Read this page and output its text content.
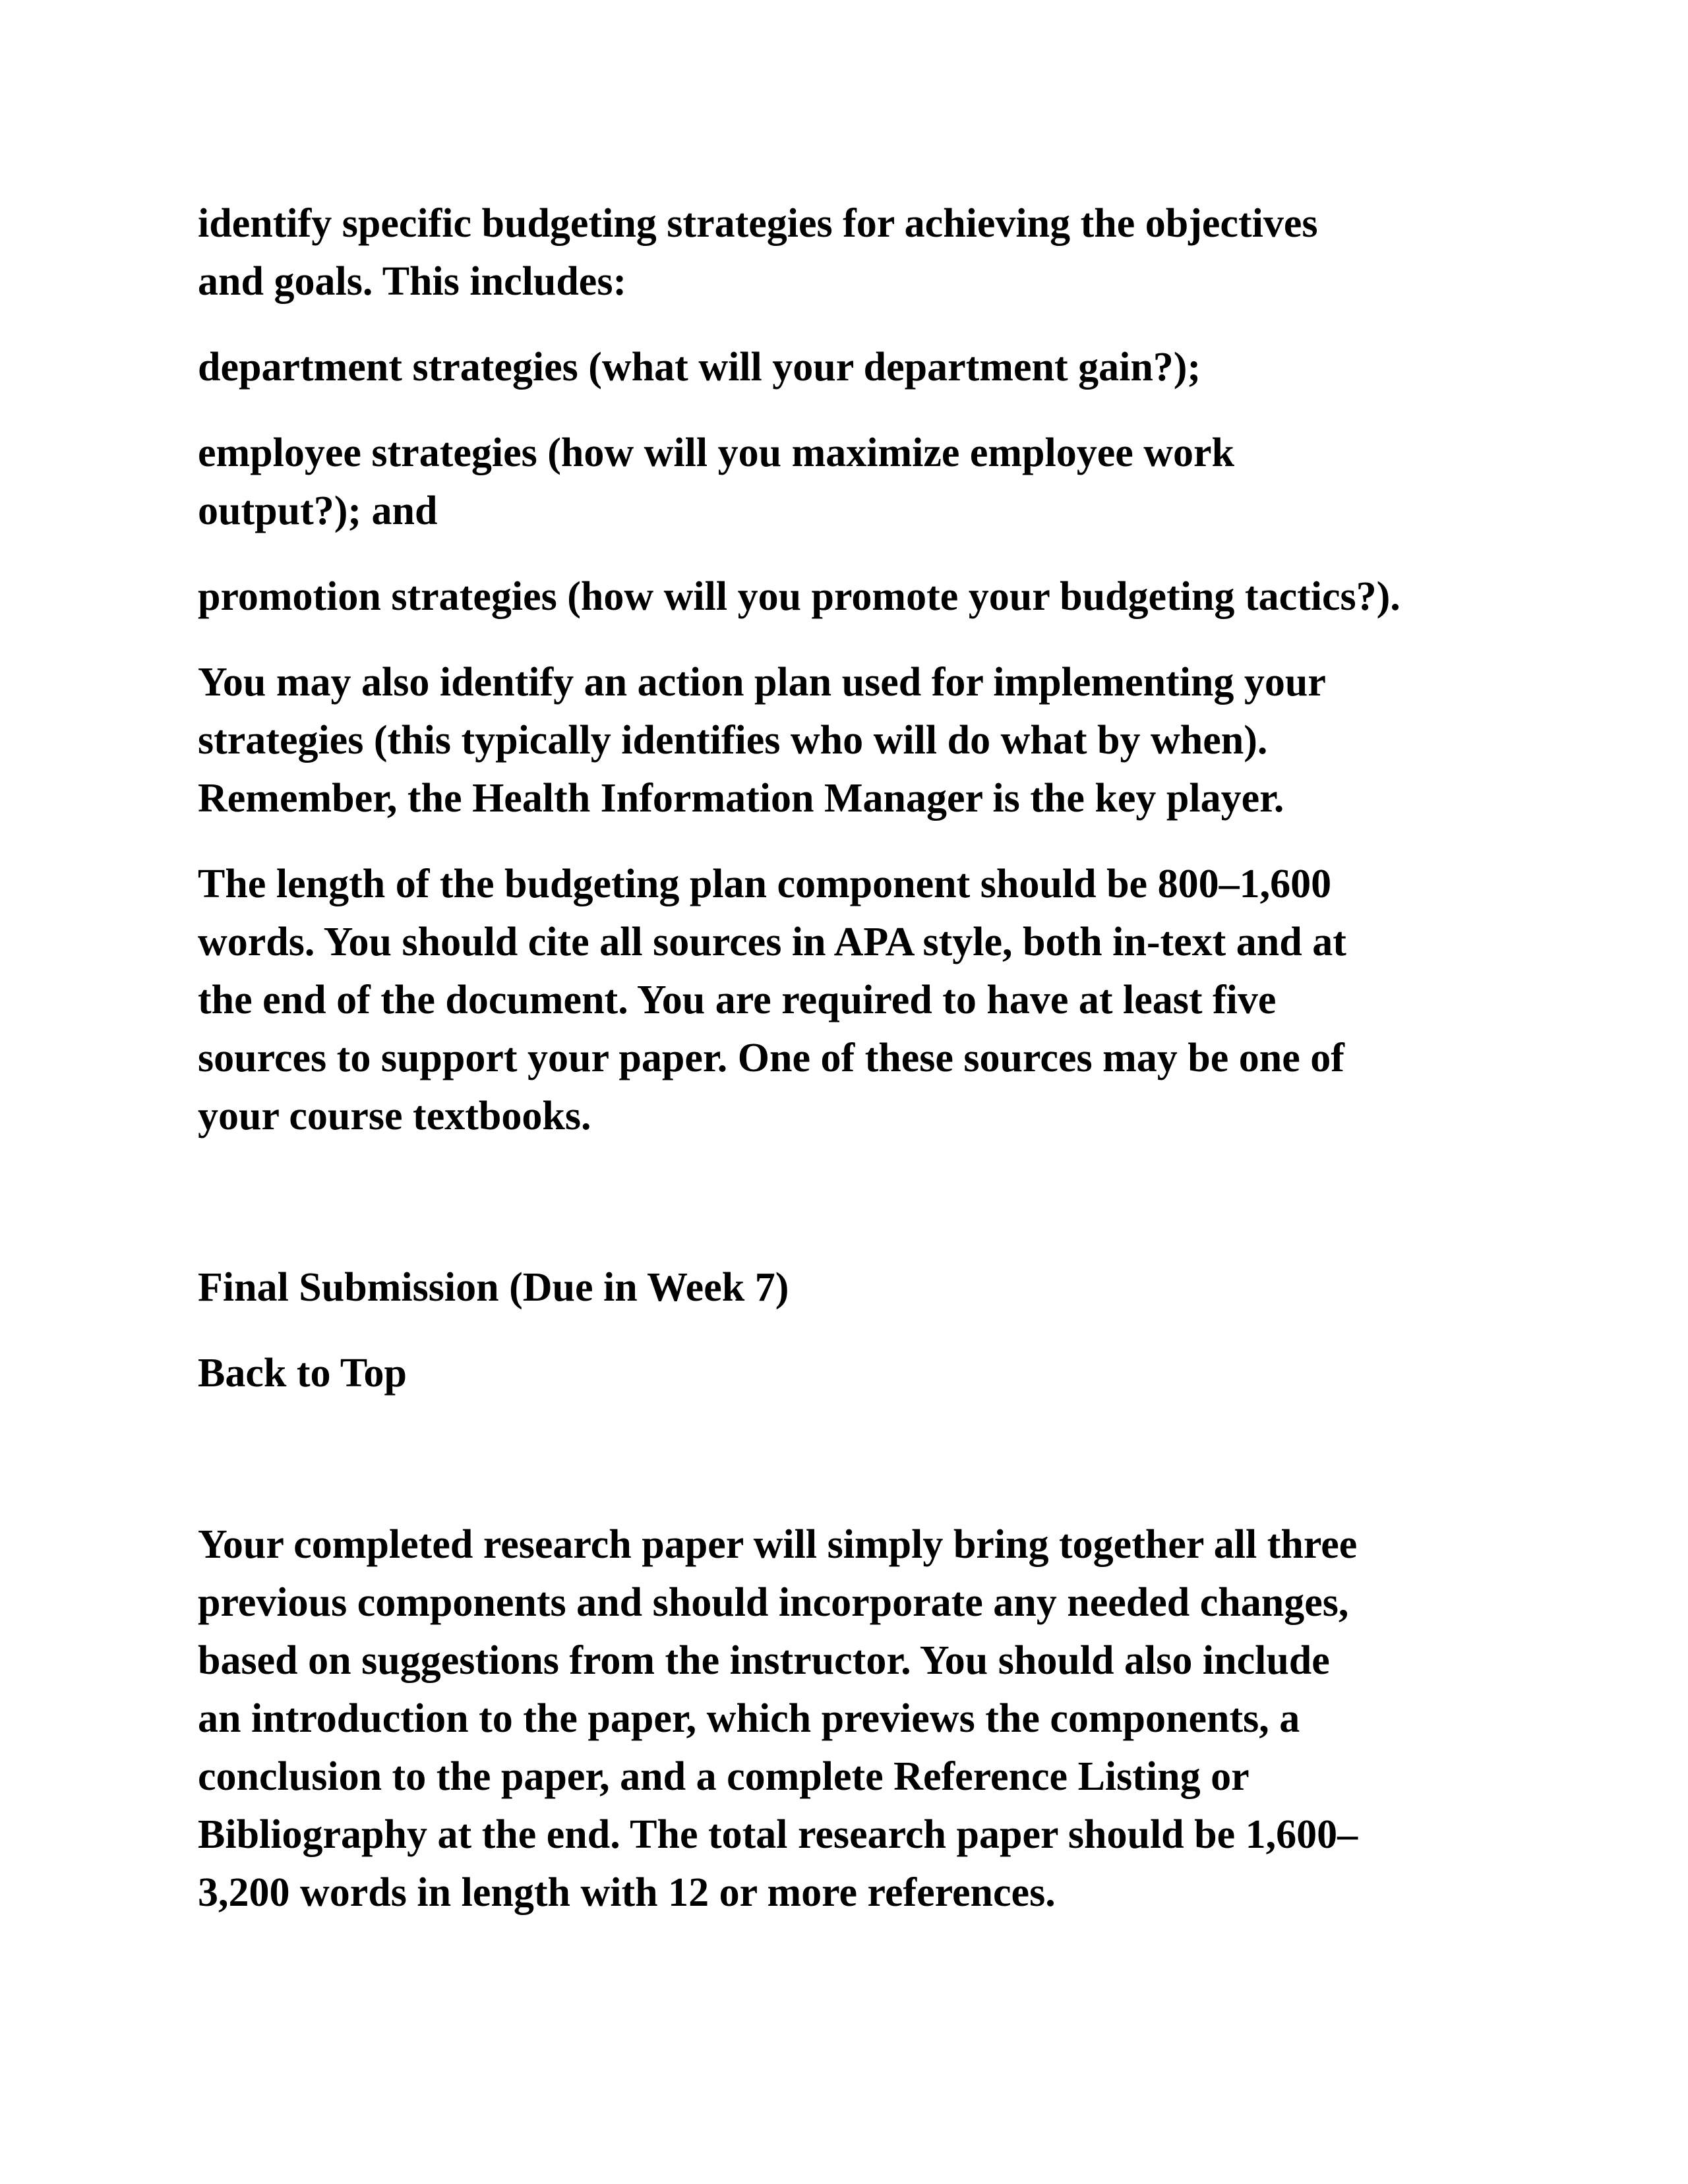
identify specific budgeting strategies for achieving the objectives
and goals. This includes:

department strategies (what will your department gain?);

employee strategies (how will you maximize employee work
output?); and

promotion strategies (how will you promote your budgeting tactics?).

You may also identify an action plan used for implementing your
strategies (this typically identifies who will do what by when).
Remember, the Health Information Manager is the key player.

The length of the budgeting plan component should be 800–1,600
words. You should cite all sources in APA style, both in-text and at
the end of the document. You are required to have at least five
sources to support your paper. One of these sources may be one of
your course textbooks.

Final Submission (Due in Week 7)

Back to Top

Your completed research paper will simply bring together all three
previous components and should incorporate any needed changes,
based on suggestions from the instructor. You should also include
an introduction to the paper, which previews the components, a
conclusion to the paper, and a complete Reference Listing or
Bibliography at the end. The total research paper should be 1,600–
3,200 words in length with 12 or more references.
